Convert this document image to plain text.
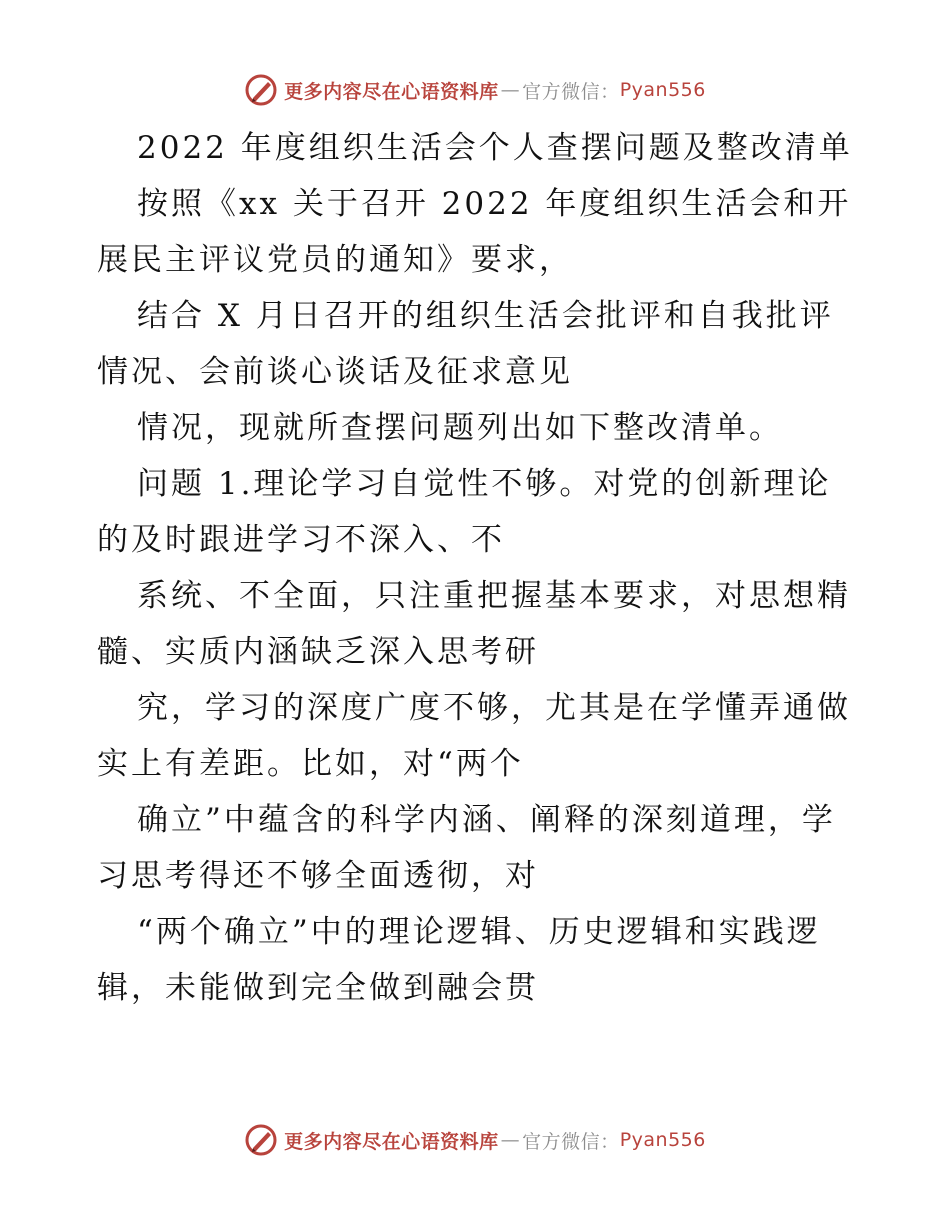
更多内容尽在心语资料库 — 官方微信： Pyan556
2022 年度组织生活会个人查摆问题及整改清单
按照《xx 关于召开 2022 年度组织生活会和开
展民主评议党员的通知》要求，
结合 X 月日召开的组织生活会批评和自我批评
情况、会前谈心谈话及征求意见
情况，现就所查摆问题列出如下整改清单。
问题 1.理论学习自觉性不够。对党的创新理论
的及时跟进学习不深入、不
系统、不全面，只注重把握基本要求，对思想精
髓、实质内涵缺乏深入思考研
究，学习的深度广度不够，尤其是在学懂弄通做
实上有差距。比如，对“两个
确立”中蕴含的科学内涵、阐释的深刻道理，学
习思考得还不够全面透彻，对
“两个确立”中的理论逻辑、历史逻辑和实践逻
辑，未能做到完全做到融会贯
更多内容尽在心语资料库 — 官方微信： Pyan556
